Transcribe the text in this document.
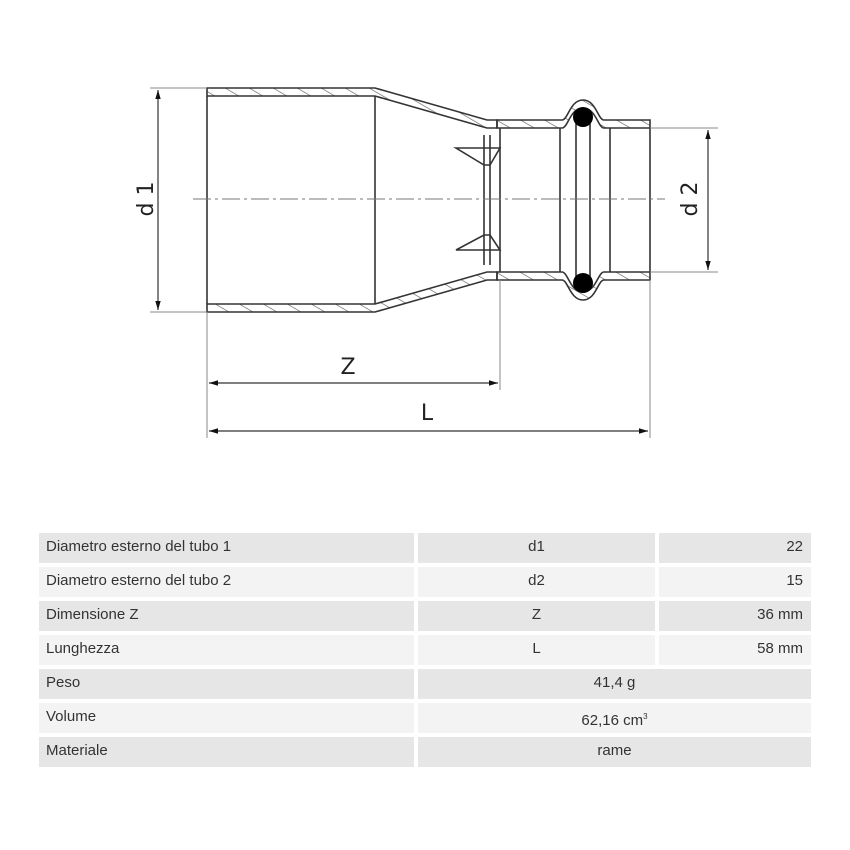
d 1	d 2
Z
L
Diametro esterno del tubo 1	d1	22
Diametro esterno del tubo 2	d2	15
Dimensione Z	Z	36 mm
Lunghezza	L	58 mm
Peso	41,4 g
Volume	62,16 $cm^3$
Materiale	rame
